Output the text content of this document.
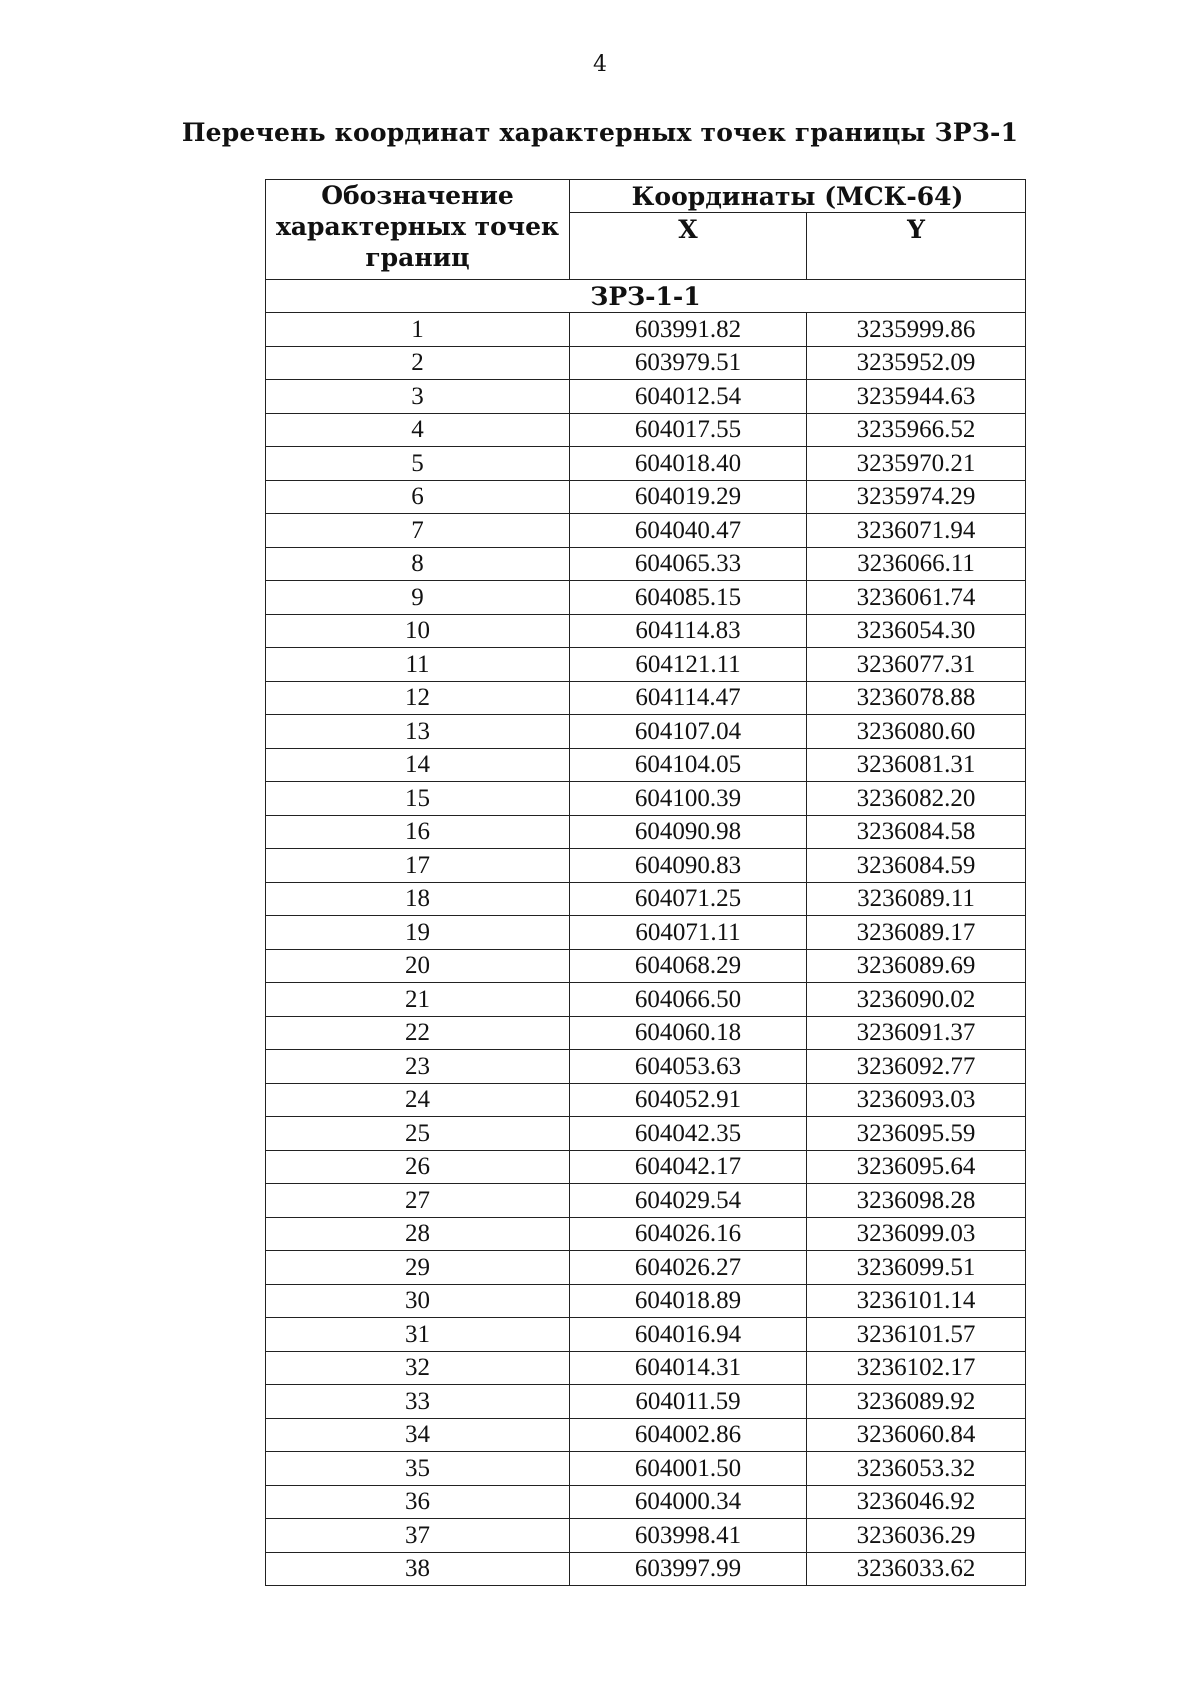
4
Перечень координат характерных точек границы ЗРЗ-1
Обозначение характерных точек границ	Координаты (МСК-64)	
	X	Y
ЗРЗ-1-1		
1	603991.82	3235999.86
2	603979.51	3235952.09
3	604012.54	3235944.63
4	604017.55	3235966.52
5	604018.40	3235970.21
6	604019.29	3235974.29
7	604040.47	3236071.94
8	604065.33	3236066.11
9	604085.15	3236061.74
10	604114.83	3236054.30
11	604121.11	3236077.31
12	604114.47	3236078.88
13	604107.04	3236080.60
14	604104.05	3236081.31
15	604100.39	3236082.20
16	604090.98	3236084.58
17	604090.83	3236084.59
18	604071.25	3236089.11
19	604071.11	3236089.17
20	604068.29	3236089.69
21	604066.50	3236090.02
22	604060.18	3236091.37
23	604053.63	3236092.77
24	604052.91	3236093.03
25	604042.35	3236095.59
26	604042.17	3236095.64
27	604029.54	3236098.28
28	604026.16	3236099.03
29	604026.27	3236099.51
30	604018.89	3236101.14
31	604016.94	3236101.57
32	604014.31	3236102.17
33	604011.59	3236089.92
34	604002.86	3236060.84
35	604001.50	3236053.32
36	604000.34	3236046.92
37	603998.41	3236036.29
38	603997.99	3236033.62
